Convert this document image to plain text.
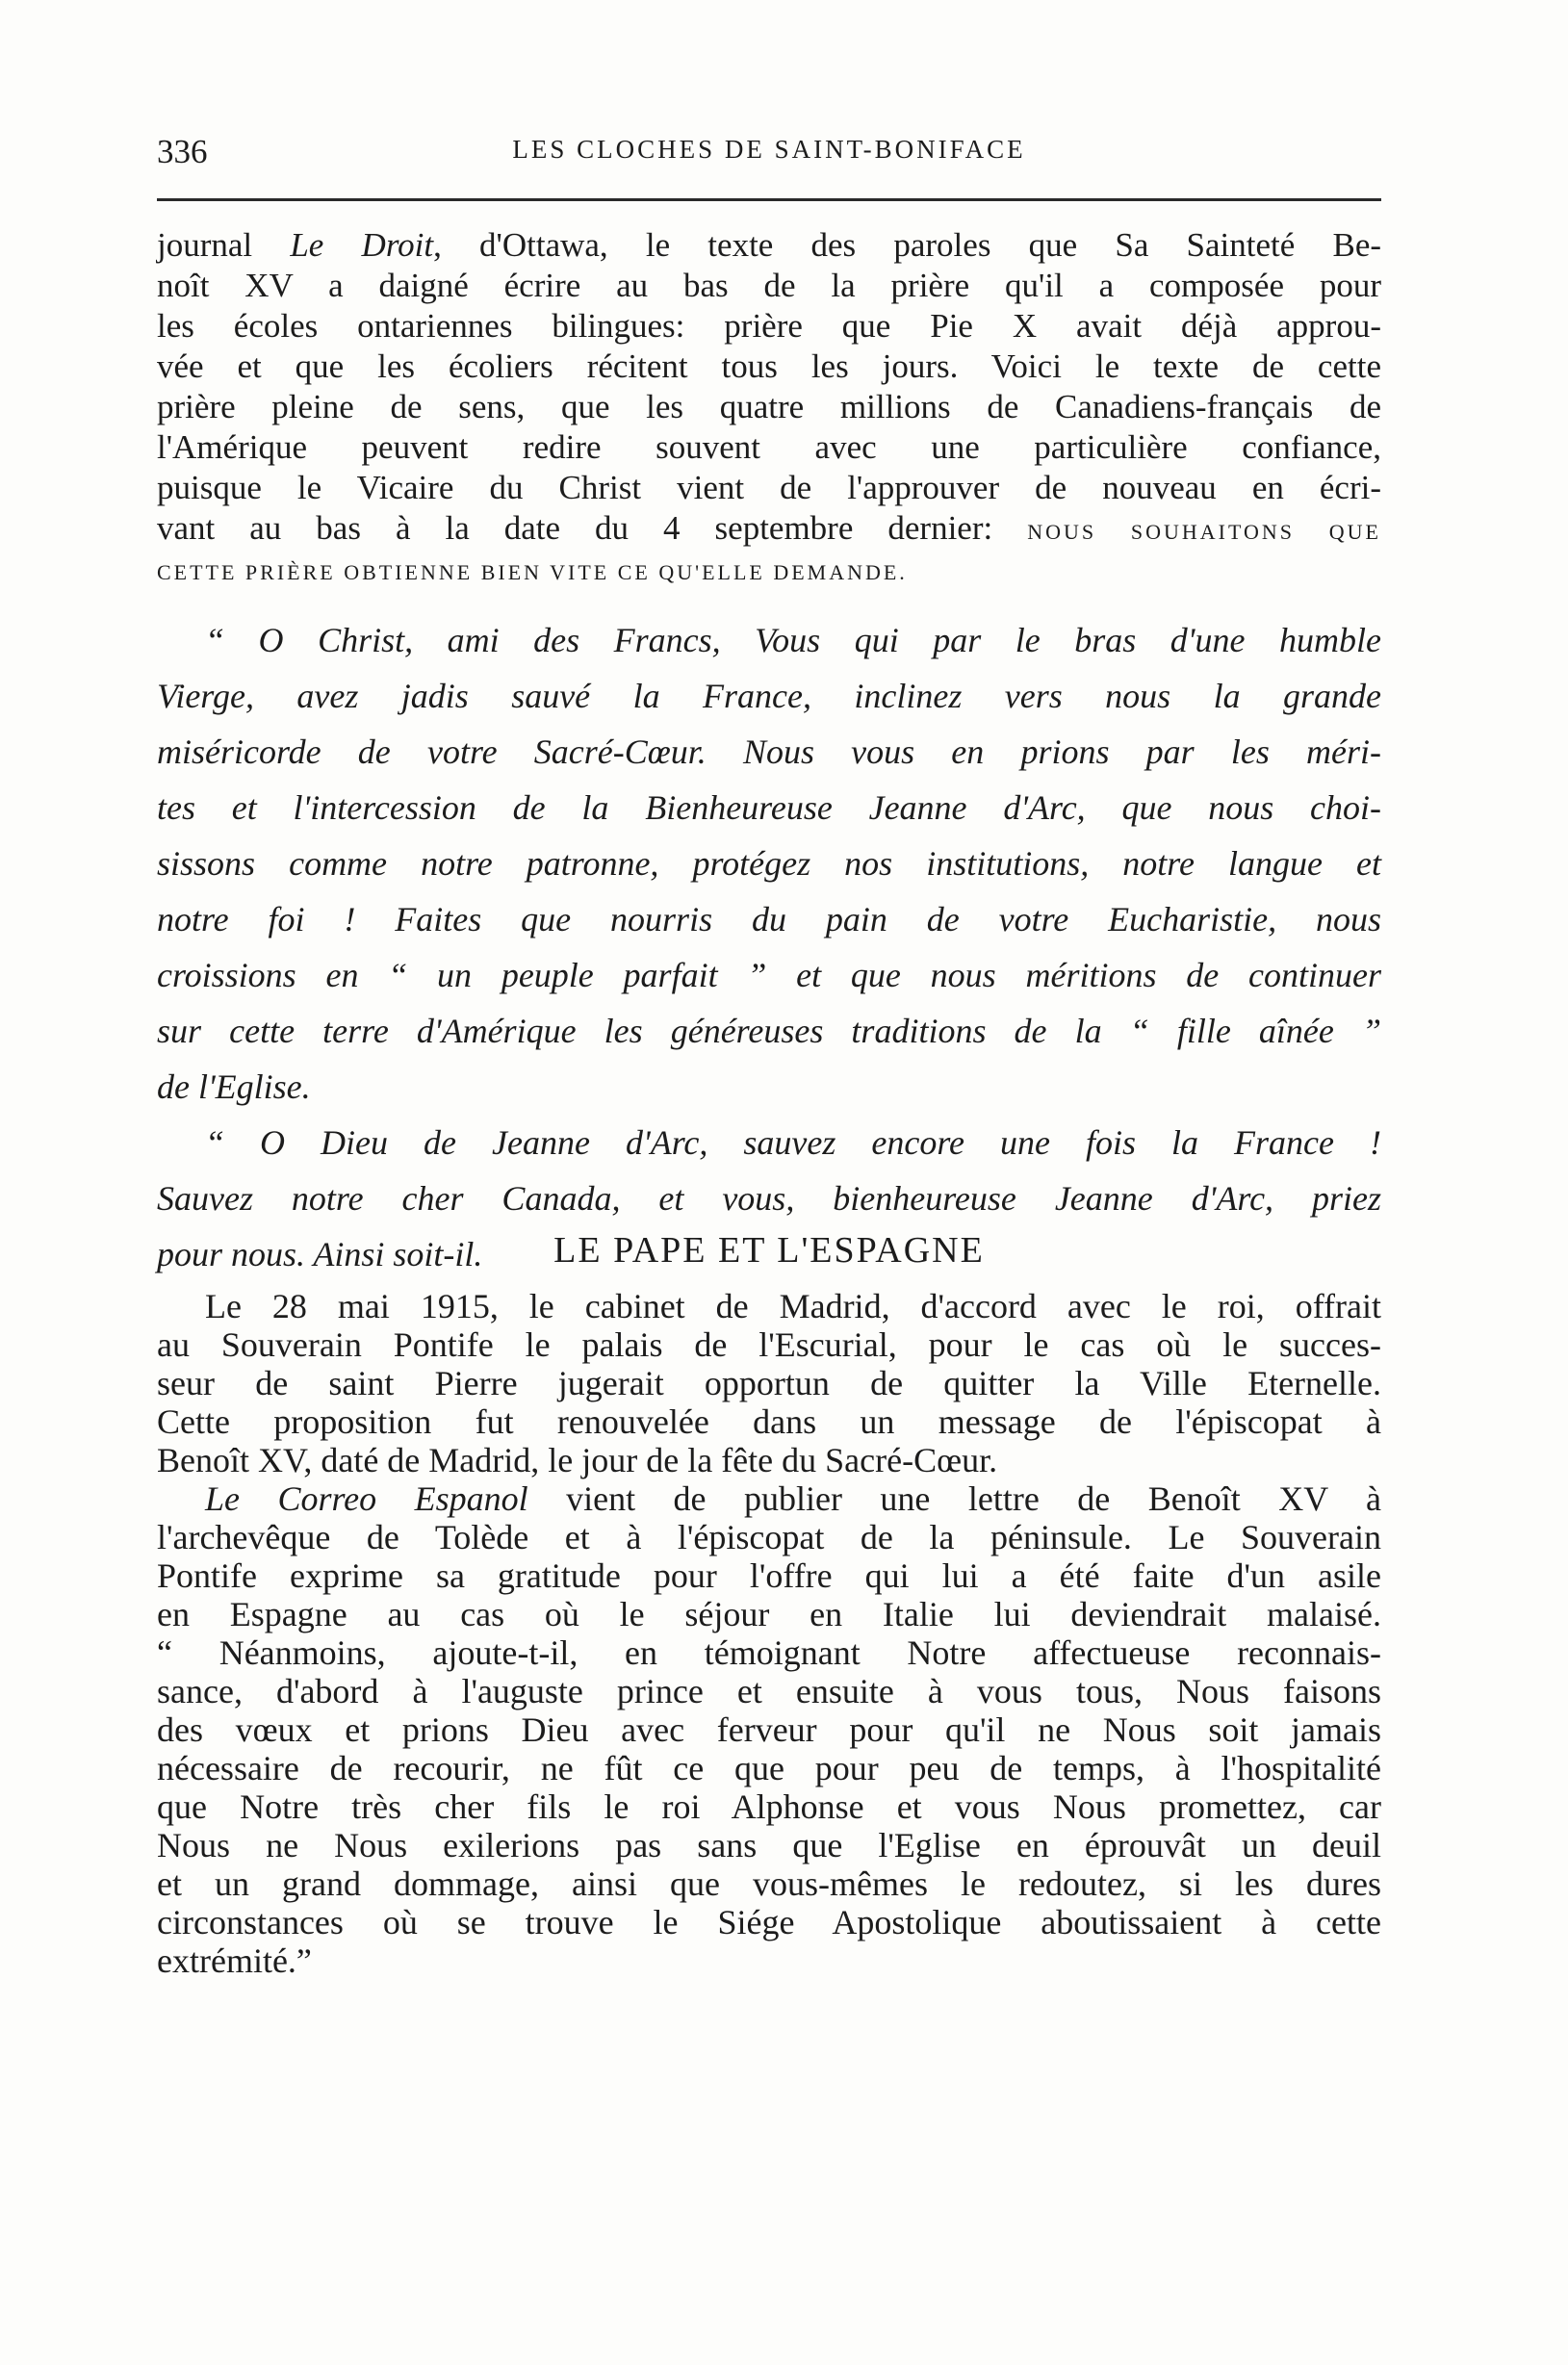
336	LES CLOCHES DE SAINT-BONIFACE
journal Le Droit, d'Ottawa, le texte des paroles que Sa Sainteté Be-
noît XV a daigné écrire au bas de la prière qu'il a composée pour
les écoles ontariennes bilingues: prière que Pie X avait déjà approu-
vée et que les écoliers récitent tous les jours. Voici le texte de cette
prière pleine de sens, que les quatre millions de Canadiens-français de
l'Amérique peuvent redire souvent avec une particulière confiance,
puisque le Vicaire du Christ vient de l'approuver de nouveau en écri-
vant au bas à la date du 4 septembre dernier: NOUS SOUHAITONS QUE
CETTE PRIÈRE OBTIENNE BIEN VITE CE QU'ELLE DEMANDE.
“ O Christ, ami des Francs, Vous qui par le bras d'une humble
Vierge, avez jadis sauvé la France, inclinez vers nous la grande
miséricorde de votre Sacré-Cœur. Nous vous en prions par les méri-
tes et l'intercession de la Bienheureuse Jeanne d'Arc, que nous choi-
sissons comme notre patronne, protégez nos institutions, notre langue et
notre foi ! Faites que nourris du pain de votre Eucharistie, nous
croissions en “ un peuple parfait ” et que nous méritions de continuer
sur cette terre d'Amérique les généreuses traditions de la “ fille aînée ”
de l'Eglise.
“ O Dieu de Jeanne d'Arc, sauvez encore une fois la France !
Sauvez notre cher Canada, et vous, bienheureuse Jeanne d'Arc, priez
pour nous. Ainsi soit-il.	LE PAPE ET L'ESPAGNE
Le 28 mai 1915, le cabinet de Madrid, d'accord avec le roi, offrait
au Souverain Pontife le palais de l'Escurial, pour le cas où le succes-
seur de saint Pierre jugerait opportun de quitter la Ville Eternelle.
Cette proposition fut renouvelée dans un message de l'épiscopat à
Benoît XV, daté de Madrid, le jour de la fête du Sacré-Cœur.
Le Correo Espanol vient de publier une lettre de Benoît XV à
l'archevêque de Tolède et à l'épiscopat de la péninsule. Le Souverain
Pontife exprime sa gratitude pour l'offre qui lui a été faite d'un asile
en Espagne au cas où le séjour en Italie lui deviendrait malaisé.
“ Néanmoins, ajoute-t-il, en témoignant Notre affectueuse reconnais-
sance, d'abord à l'auguste prince et ensuite à vous tous, Nous faisons
des vœux et prions Dieu avec ferveur pour qu'il ne Nous soit jamais
nécessaire de recourir, ne fût ce que pour peu de temps, à l'hospitalité
que Notre très cher fils le roi Alphonse et vous Nous promettez, car
Nous ne Nous exilerions pas sans que l'Eglise en éprouvât un deuil
et un grand dommage, ainsi que vous-mêmes le redoutez, si les dures
circonstances où se trouve le Siége Apostolique aboutissaient à cette
extrémité.”
